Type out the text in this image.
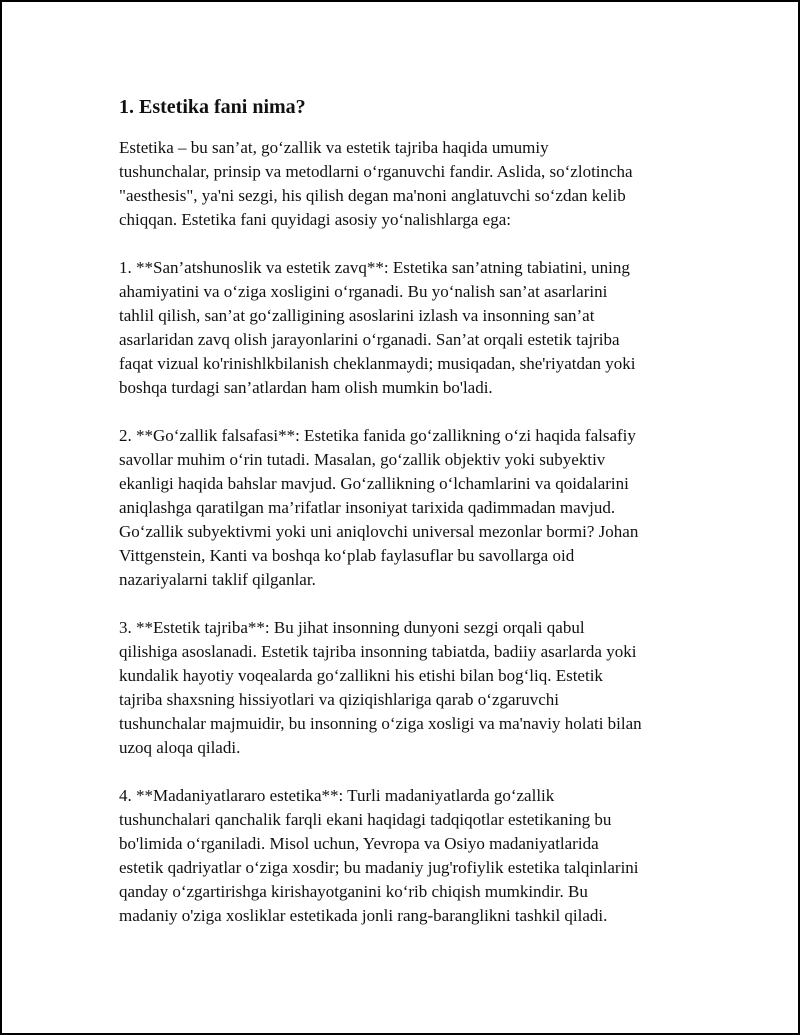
1. Estetika fani nima?

Estetika – bu san’at, go‘zallik va estetik tajriba haqida umumiy
tushunchalar, prinsip va metodlarni o‘rganuvchi fandir. Aslida, so‘zlotincha
"aesthesis", ya'ni sezgi, his qilish degan ma'noni anglatuvchi so‘zdan kelib
chiqqan. Estetika fani quyidagi asosiy yo‘nalishlarga ega:

1. **San’atshunoslik va estetik zavq**: Estetika san’atning tabiatini, uning
ahamiyatini va o‘ziga xosligini o‘rganadi. Bu yo‘nalish san’at asarlarini
tahlil qilish, san’at go‘zalligining asoslarini izlash va insonning san’at
asarlaridan zavq olish jarayonlarini o‘rganadi. San’at orqali estetik tajriba
faqat vizual ko'rinishlkbilanish cheklanmaydi; musiqadan, she'riyatdan yoki
boshqa turdagi san’atlardan ham olish mumkin bo'ladi.

2. **Go‘zallik falsafasi**: Estetika fanida go‘zallikning o‘zi haqida falsafiy
savollar muhim o‘rin tutadi. Masalan, go‘zallik objektiv yoki subyektiv
ekanligi haqida bahslar mavjud. Go‘zallikning o‘lchamlarini va qoidalarini
aniqlashga qaratilgan ma’rifatlar insoniyat tarixida qadimmadan mavjud.
Go‘zallik subyektivmi yoki uni aniqlovchi universal mezonlar bormi? Johan
Vittgenstein, Kanti va boshqa ko‘plab faylasuflar bu savollarga oid
nazariyalarni taklif qilganlar.

3. **Estetik tajriba**: Bu jihat insonning dunyoni sezgi orqali qabul
qilishiga asoslanadi. Estetik tajriba insonning tabiatda, badiiy asarlarda yoki
kundalik hayotiy voqealarda go‘zallikni his etishi bilan bog‘liq. Estetik
tajriba shaxsning hissiyotlari va qiziqishlariga qarab o‘zgaruvchi
tushunchalar majmuidir, bu insonning o‘ziga xosligi va ma'naviy holati bilan
uzoq aloqa qiladi.

4. **Madaniyatlararo estetika**: Turli madaniyatlarda go‘zallik
tushunchalari qanchalik farqli ekani haqidagi tadqiqotlar estetikaning bu
bo'limida o‘rganiladi. Misol uchun, Yevropa va Osiyo madaniyatlarida
estetik qadriyatlar o‘ziga xosdir; bu madaniy jug'rofiylik estetika talqinlarini
qanday o‘zgartirishga kirishayotganini ko‘rib chiqish mumkindir. Bu
madaniy o'ziga xosliklar estetikada jonli rang-baranglikni tashkil qiladi.
